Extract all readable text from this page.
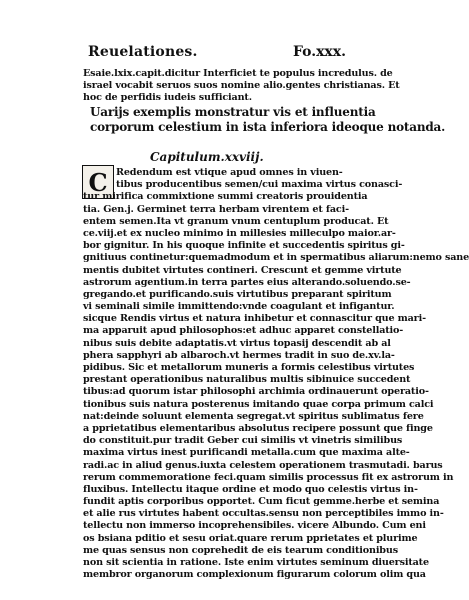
Reuelationes.	Fo.xxx.
Esaie.lxix.capit.dicitur Interficiet te populus incredulus. de
israel vocabit seruos suos nomine alio.gentes christianas. Et
hoc de perfidis iudeis sufficiant.
Uarijs exemplis monstratur vis et influentia
corporum celestium in ista inferiora ideoque notanda.
Capitulum.xxviij.
C Redendum est vtique apud omnes in viuen-
tibus producentibus semen/cui maxima virtus conasci-
tur mirifica commixtione summi creatoris prouidentia
tia. Gen.j. Germinet terra herbam virentem et faci-
entem semen.Ita vt granum vnum centuplum producat. Et
ce.viij.et ex nucleo minimo in millesies milleculpo maior.ar-
bor gignitur. In his quoque infinite et succedentis spiritus gi-
gnitiuus continetur:quemadmodum et in spermatibus aliarum:nemo sane
mentis dubitet virtutes contineri. Crescunt et gemme virtute
astrorum agentium.in terra partes eius alterando.soluendo.se-
gregando.et purificando.suis virtutibus preparant spiritum
vi seminali simile immittendo:vnde coagulant et infigantur.
sicque Rendis virtus et natura inhibetur et connascitur que mari-
ma apparuit apud philosophos:et adhuc apparet constellatio-
nibus suis debite adaptatis.vt virtus topasij descendit ab al
phera sapphyri ab albaroch.vt hermes tradit in suo de.xv.la-
pidibus. Sic et metallorum muneris a formis celestibus virtutes
prestant operationibus naturalibus multis sibinuice succedent
tibus:ad quorum istar philosophi archimia ordinauerunt operatio-
tionibus suis natura posterenus imitando quae corpa primum calci
nat:deinde soluunt elementa segregat.vt spiritus sublimatus fere
a pprietatibus elementaribus absolutus recipere possunt que finge
do constituit.pur tradit Geber cui similis vt vinetris similibus
maxima virtus inest purificandi metalla.cum que maxima alte-
radi.ac in aliud genus.iuxta celestem operationem trasmutadi. barus
rerum commemoratione feci.quam similis processus fit ex astrorum in
fluxibus. Intellectu itaque ordine et modo quo celestis virtus in-
fundit aptis corporibus opportet. Cum ficut gemme.herbe et semina
et alie rus virtutes habent occultas.sensu non perceptibiles immo in-
tellectu non immerso incoprehensibiles. vicere Albundo. Cum eni
os bsiana pditio et sesu oriat.quare rerum pprietates et plurime
me quas sensus non coprehedit de eis tearum conditionibus
non sit scientia in ratione. Iste enim virtutes seminum diuersitate
membror organorum complexionum figurarum colorum olim qua
